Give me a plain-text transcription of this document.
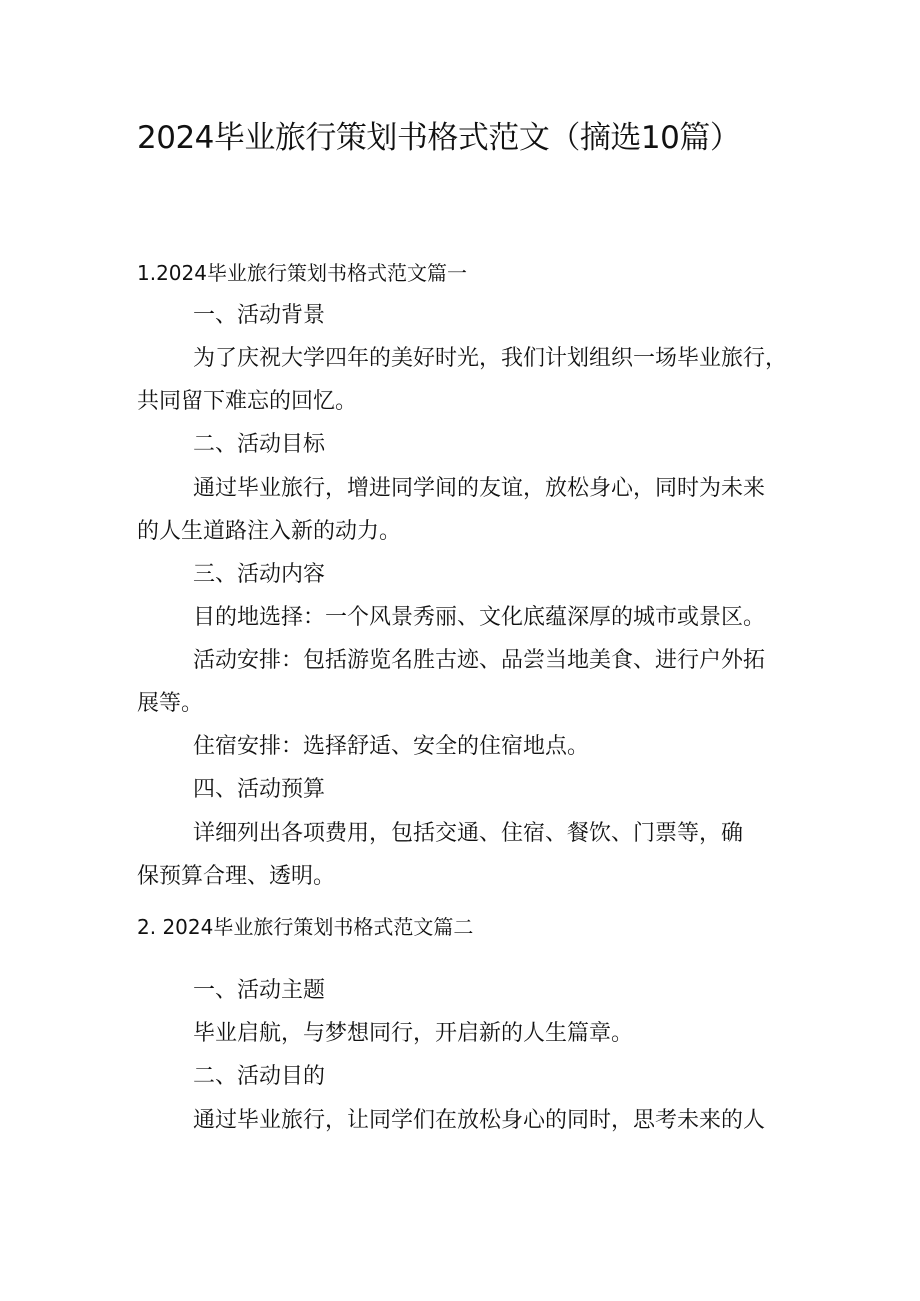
2024毕业旅行策划书格式范文（摘选10篇）
1.2024毕业旅行策划书格式范文篇一
一、活动背景
为了庆祝大学四年的美好时光，我们计划组织一场毕业旅行，
共同留下难忘的回忆。
二、活动目标
通过毕业旅行，增进同学间的友谊，放松身心，同时为未来
的人生道路注入新的动力。
三、活动内容
目的地选择：一个风景秀丽、文化底蕴深厚的城市或景区。
活动安排：包括游览名胜古迹、品尝当地美食、进行户外拓
展等。
住宿安排：选择舒适、安全的住宿地点。
四、活动预算
详细列出各项费用，包括交通、住宿、餐饮、门票等，确
保预算合理、透明。
2. 2024毕业旅行策划书格式范文篇二
一、活动主题
毕业启航，与梦想同行，开启新的人生篇章。
二、活动目的
通过毕业旅行，让同学们在放松身心的同时，思考未来的人
